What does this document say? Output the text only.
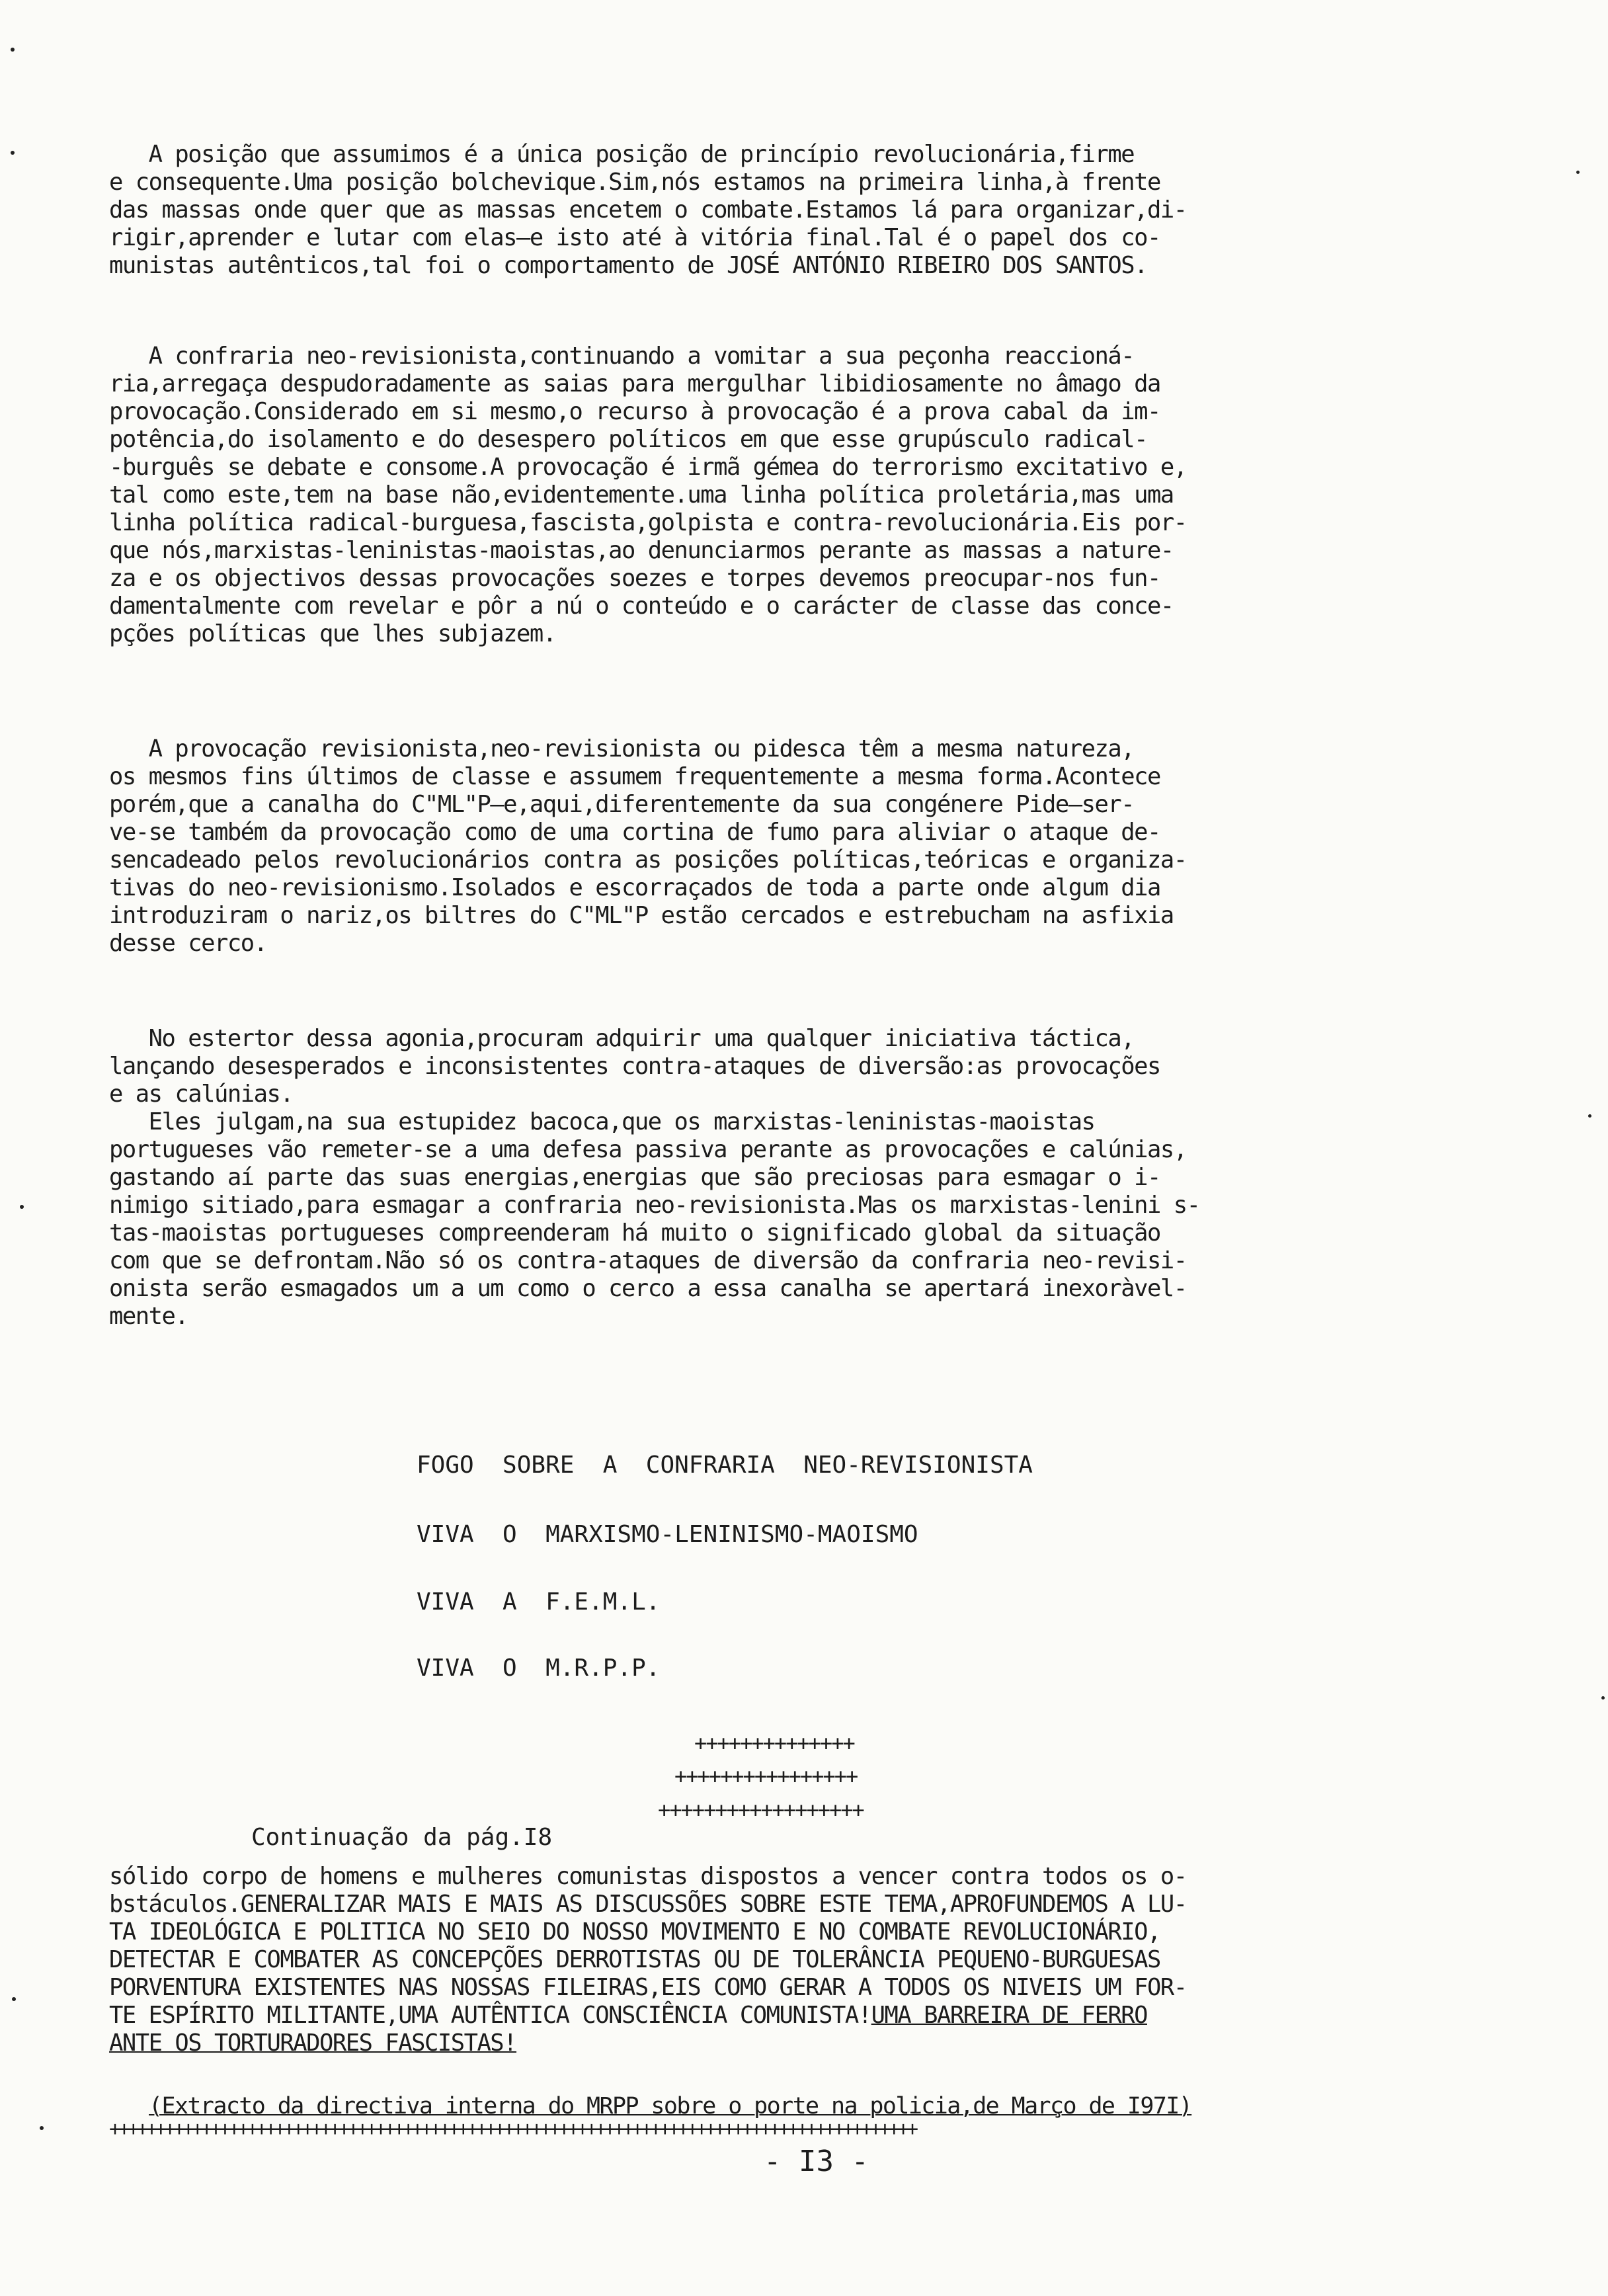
A posição que assumimos é a única posição de princípio revolucionária,firme
e consequente.Uma posição bolchevique.Sim,nós estamos na primeira linha,à frente
das massas onde quer que as massas encetem o combate.Estamos lá para organizar,di-
rigir,aprender e lutar com elas—e isto até à vitória final.Tal é o papel dos co-
munistas autênticos,tal foi o comportamento de JOSÉ ANTÓNIO RIBEIRO DOS SANTOS.
A confraria neo-revisionista,continuando a vomitar a sua peçonha reaccioná-
ria,arregaça despudoradamente as saias para mergulhar libidiosamente no âmago da
provocação.Considerado em si mesmo,o recurso à provocação é a prova cabal da im-
potência,do isolamento e do desespero políticos em que esse grupúsculo radical-
-burguês se debate e consome.A provocação é irmã gémea do terrorismo excitativo e,
tal como este,tem na base não,evidentemente.uma linha política proletária,mas uma
linha política radical-burguesa,fascista,golpista e contra-revolucionária.Eis por-
que nós,marxistas-leninistas-maoistas,ao denunciarmos perante as massas a nature-
za e os objectivos dessas provocações soezes e torpes devemos preocupar-nos fun-
damentalmente com revelar e pôr a nú o conteúdo e o carácter de classe das conce-
pções políticas que lhes subjazem.
A provocação revisionista,neo-revisionista ou pidesca têm a mesma natureza,
os mesmos fins últimos de classe e assumem frequentemente a mesma forma.Acontece
porém,que a canalha do C"ML"P—e,aqui,diferentemente da sua congénere Pide—ser-
ve-se também da provocação como de uma cortina de fumo para aliviar o ataque de-
sencadeado pelos revolucionários contra as posições políticas,teóricas e organiza-
tivas do neo-revisionismo.Isolados e escorraçados de toda a parte onde algum dia
introduziram o nariz,os biltres do C"ML"P estão cercados e estrebucham na asfixia
desse cerco.
No estertor dessa agonia,procuram adquirir uma qualquer iniciativa táctica,
lançando desesperados e inconsistentes contra-ataques de diversão:as provocações
e as calúnias.
Eles julgam,na sua estupidez bacoca,que os marxistas-leninistas-maoistas
portugueses vão remeter-se a uma defesa passiva perante as provocações e calúnias,
gastando aí parte das suas energias,energias que são preciosas para esmagar o i-
nimigo sitiado,para esmagar a confraria neo-revisionista.Mas os marxistas-lenini s-
tas-maoistas portugueses compreenderam há muito o significado global da situação
com que se defrontam.Não só os contra-ataques de diversão da confraria neo-revisi-
onista serão esmagados um a um como o cerco a essa canalha se apertará inexoràvel-
mente.
FOGO  SOBRE  A  CONFRARIA  NEO-REVISIONISTA
VIVA  O  MARXISMO-LENINISMO-MAOISMO
VIVA  A  F.E.M.L.
VIVA  O  M.R.P.P.
++++++++++++++
++++++++++++++++
++++++++++++++++++
Continuação da pág.I8
sólido corpo de homens e mulheres comunistas dispostos a vencer contra todos os o-
bstáculos.GENERALIZAR MAIS E MAIS AS DISCUSSÕES SOBRE ESTE TEMA,APROFUNDEMOS A LU-
TA IDEOLÓGICA E POLITICA NO SEIO DO NOSSO MOVIMENTO E NO COMBATE REVOLUCIONÁRIO,
DETECTAR E COMBATER AS CONCEPÇÕES DERROTISTAS OU DE TOLERÂNCIA PEQUENO-BURGUESAS
PORVENTURA EXISTENTES NAS NOSSAS FILEIRAS,EIS COMO GERAR A TODOS OS NIVEIS UM FOR-
TE ESPÍRITO MILITANTE,UMA AUTÊNTICA CONSCIÊNCIA COMUNISTA!UMA BARREIRA DE FERRO
ANTE OS TORTURADORES FASCISTAS!
(Extracto da directiva interna do MRPP sobre o porte na policia,de Março de I97I)
++++++++++++++++++++++++++++++++++++++++++++++++++++++++++++++++++++++++++++++++++++++++
- I3 -
